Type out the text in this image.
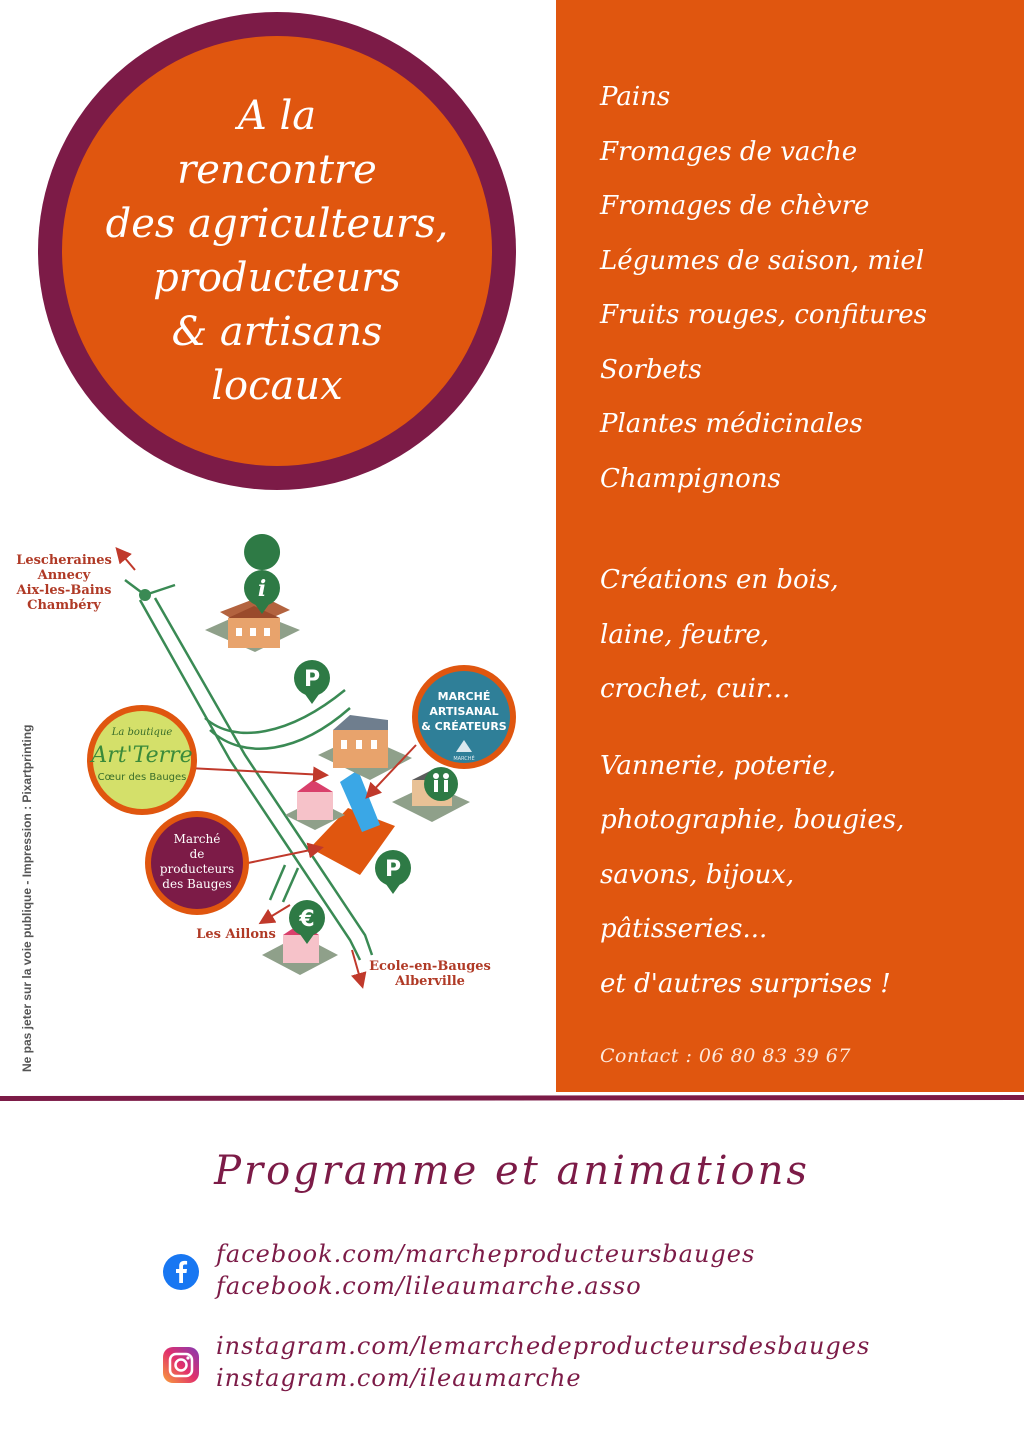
A la
rencontre
des agriculteurs,
producteurs
& artisans
locaux
Pains
Fromages de vache
Fromages de chèvre
Légumes de saison, miel
Fruits rouges, confitures
Sorbets
Plantes médicinales
Champignons
Créations en bois,
laine, feutre,
crochet, cuir...
Vannerie, poterie,
photographie, bougies,
savons, bijoux,
pâtisseries...
et d'autres surprises !
Contact : 06 80 83 39 67
i
P
P
€
Lescheraines
Annecy
Aix-les-Bains
Chambéry
Les Aillons
Ecole-en-Bauges
Alberville
MARCHÉ
ARTISANAL
& CRÉATEURS
MARCHÉ
La boutique
Art'Terre
Cœur des Bauges
Marché
de
producteurs
des Bauges
Ne pas jeter sur la voie publique - Impression : Pixartprinting
Programme et animations
facebook.com/marcheproducteursbauges
facebook.com/lileaumarche.asso
instagram.com/lemarchedeproducteursdesbauges
instagram.com/ileaumarche
